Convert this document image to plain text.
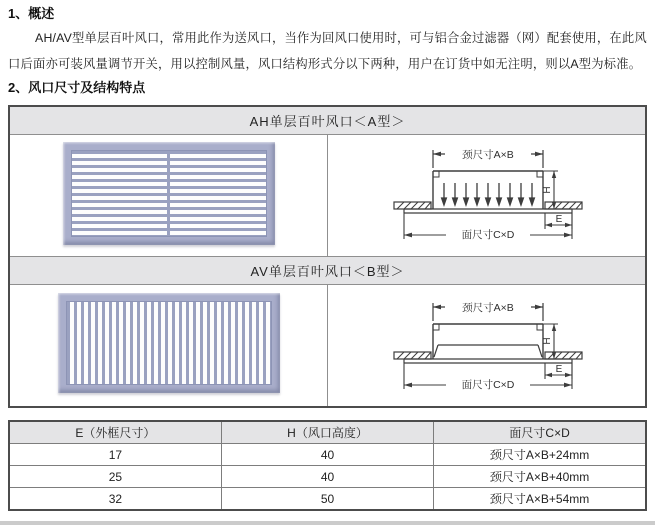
1、概述

AH/AV型单层百叶风口，常用此作为送风口，当作为回风口使用时，可与铝合金过滤器（网）配套使用，在此风口后面亦可装风量调节开关，用以控制风量，风口结构形式分以下两种，用户在订货中如无注明，则以A型为标准。

2、风口尺寸及结构特点
AH单层百叶风口＜A型＞	

颈尺寸A×B
H
E
面尺寸C×D

AV单层百叶风口＜B型＞	

颈尺寸A×B
H
E
面尺寸C×D
E（外框尺寸）	H（风口高度）	面尺寸C×D
17	40	颈尺寸A×B+24mm
25	40	颈尺寸A×B+40mm
32	50	颈尺寸A×B+54mm
